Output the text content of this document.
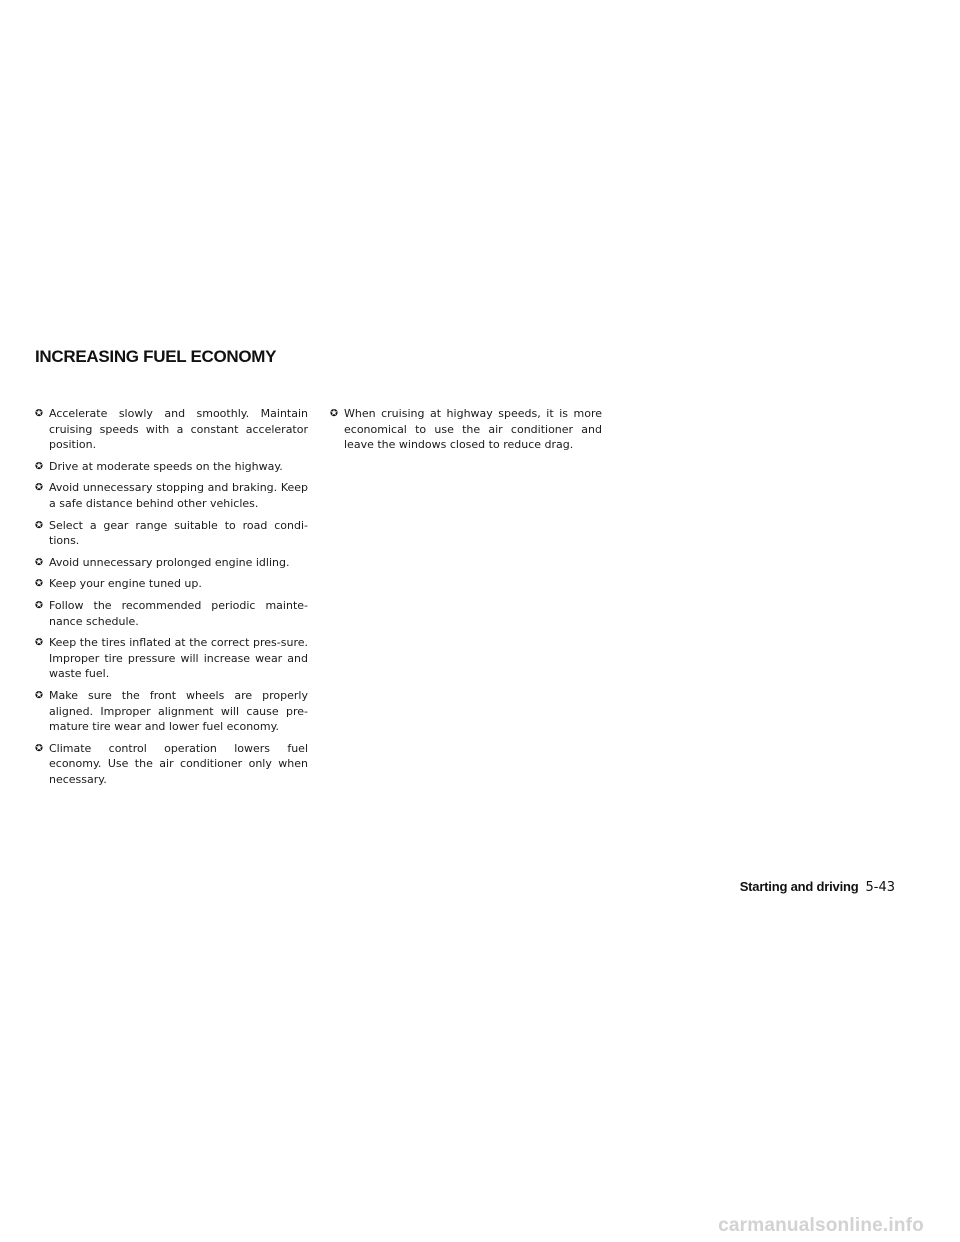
INCREASING FUEL ECONOMY
✪ Accelerate slowly and smoothly. Maintain cruising speeds with a constant accelerator position.
✪ Drive at moderate speeds on the highway.
✪ Avoid unnecessary stopping and braking. Keep a safe distance behind other vehicles.
✪ Select a gear range suitable to road condi-tions.
✪ Avoid unnecessary prolonged engine idling.
✪ Keep your engine tuned up.
✪ Follow the recommended periodic mainte-nance schedule.
✪ Keep the tires inflated at the correct pres-sure. Improper tire pressure will increase wear and waste fuel.
✪ Make sure the front wheels are properly aligned. Improper alignment will cause pre-mature tire wear and lower fuel economy.
✪ Climate control operation lowers fuel economy. Use the air conditioner only when necessary.
✪ When cruising at highway speeds, it is more economical to use the air conditioner and leave the windows closed to reduce drag.
Starting and driving 5-43
carmanualsonline.info
